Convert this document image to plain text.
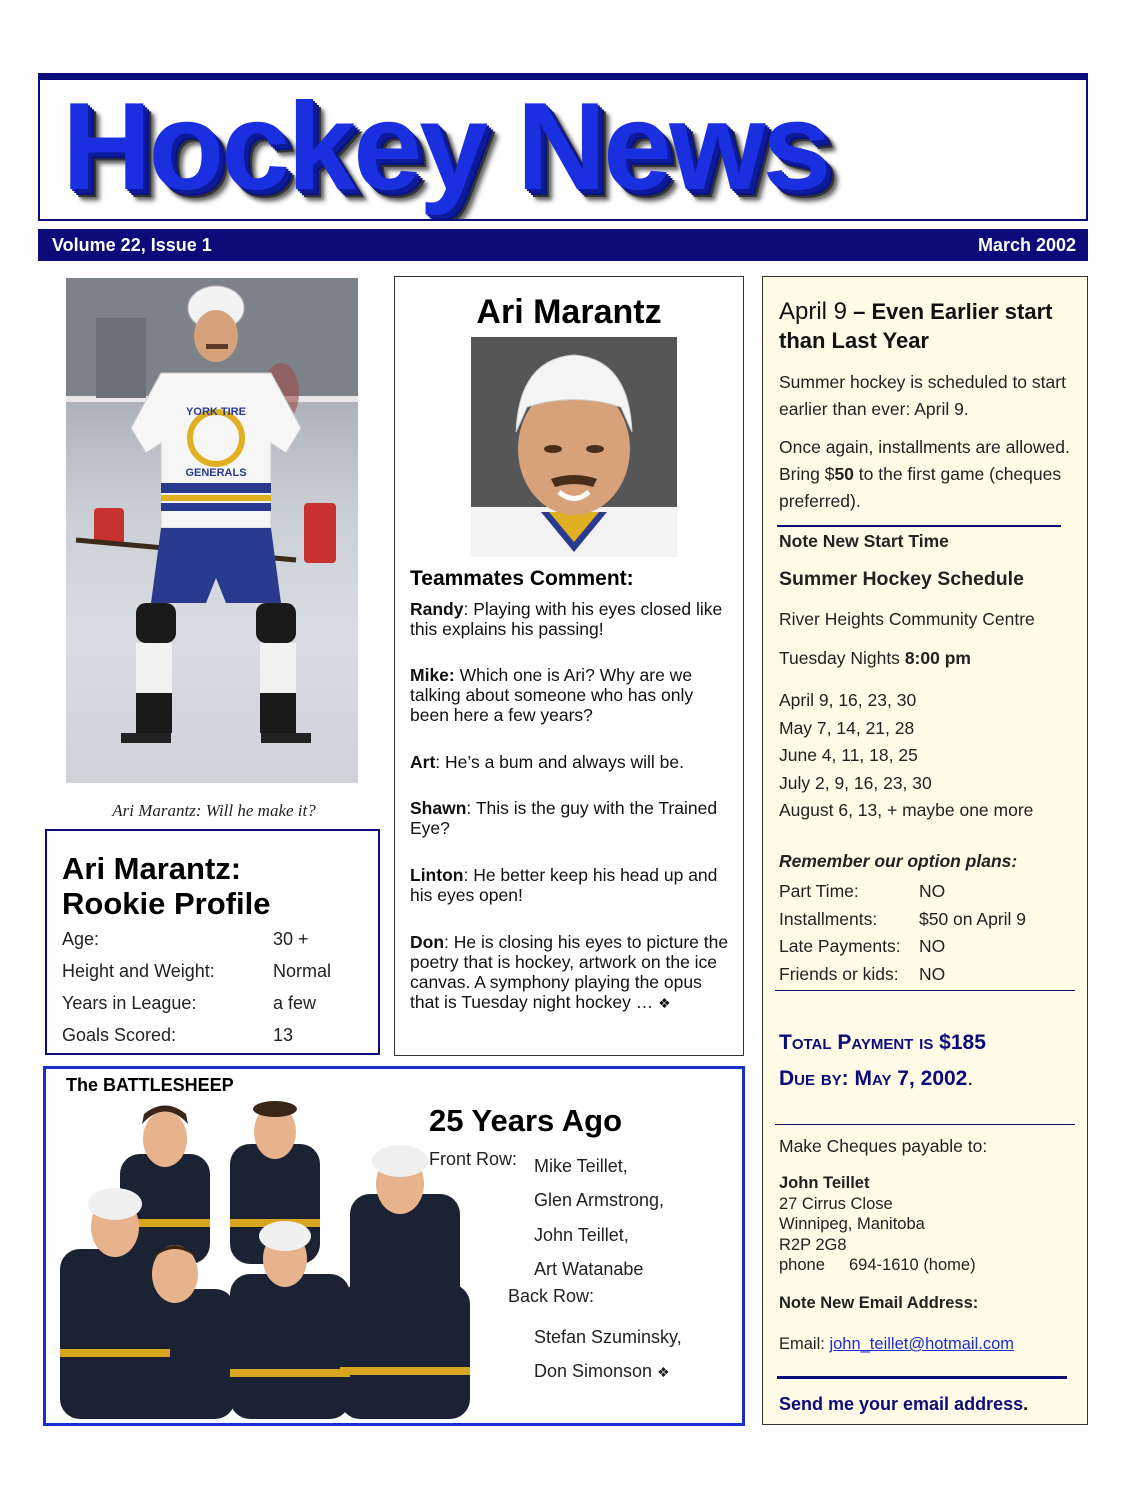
Hockey News
Volume 22, Issue 1	March 2002
YORK TIRE
GENERALS
Ari Marantz: Will he make it?
Ari Marantz:
Rookie Profile
Age:	30 +
Height and Weight:	Normal
Years in League:	a few
Goals Scored:	13
Ari Marantz
Teammates Comment:

Randy: Playing with his eyes closed like this explains his passing!

Mike: Which one is Ari? Why are we talking about someone who has only been here a few years?

Art: He’s a bum and always will be.

Shawn: This is the guy with the Trained Eye?

Linton: He better keep his head up and his eyes open!

Don: He is closing his eyes to picture the poetry that is hockey, artwork on the ice canvas. A symphony playing the opus that is Tuesday night hockey … ❖

April 9 – Even Earlier start than Last Year

Summer hockey is scheduled to start earlier than ever: April 9.

Once again, installments are allowed. Bring $50 to the first game (cheques preferred).

Note New Start Time
Summer Hockey Schedule
River Heights Community Centre
Tuesday Nights 8:00 pm
April 9, 16, 23, 30
May 7, 14, 21, 28
June 4, 11, 18, 25
July 2, 9, 16, 23, 30
August 6, 13, + maybe one more
Remember our option plans:
Part Time:	NO
Installments: $50 on April 9
Late Payments: NO
Friends or kids: NO
Total Payment is $185
Due by: May 7, 2002.
Make Cheques payable to:
John Teillet
27 Cirrus Close
Winnipeg, Manitoba
R2P 2G8
phone 694-1610 (home)
Note New Email Address:
Email: john_teillet@hotmail.com
Send me your email address.
The BATTLESHEEP
25 Years Ago
Front Row: Mike Teillet,
Glen Armstrong,
John Teillet,
Art Watanabe
Back Row:
Stefan Szuminsky,
Don Simonson ❖
